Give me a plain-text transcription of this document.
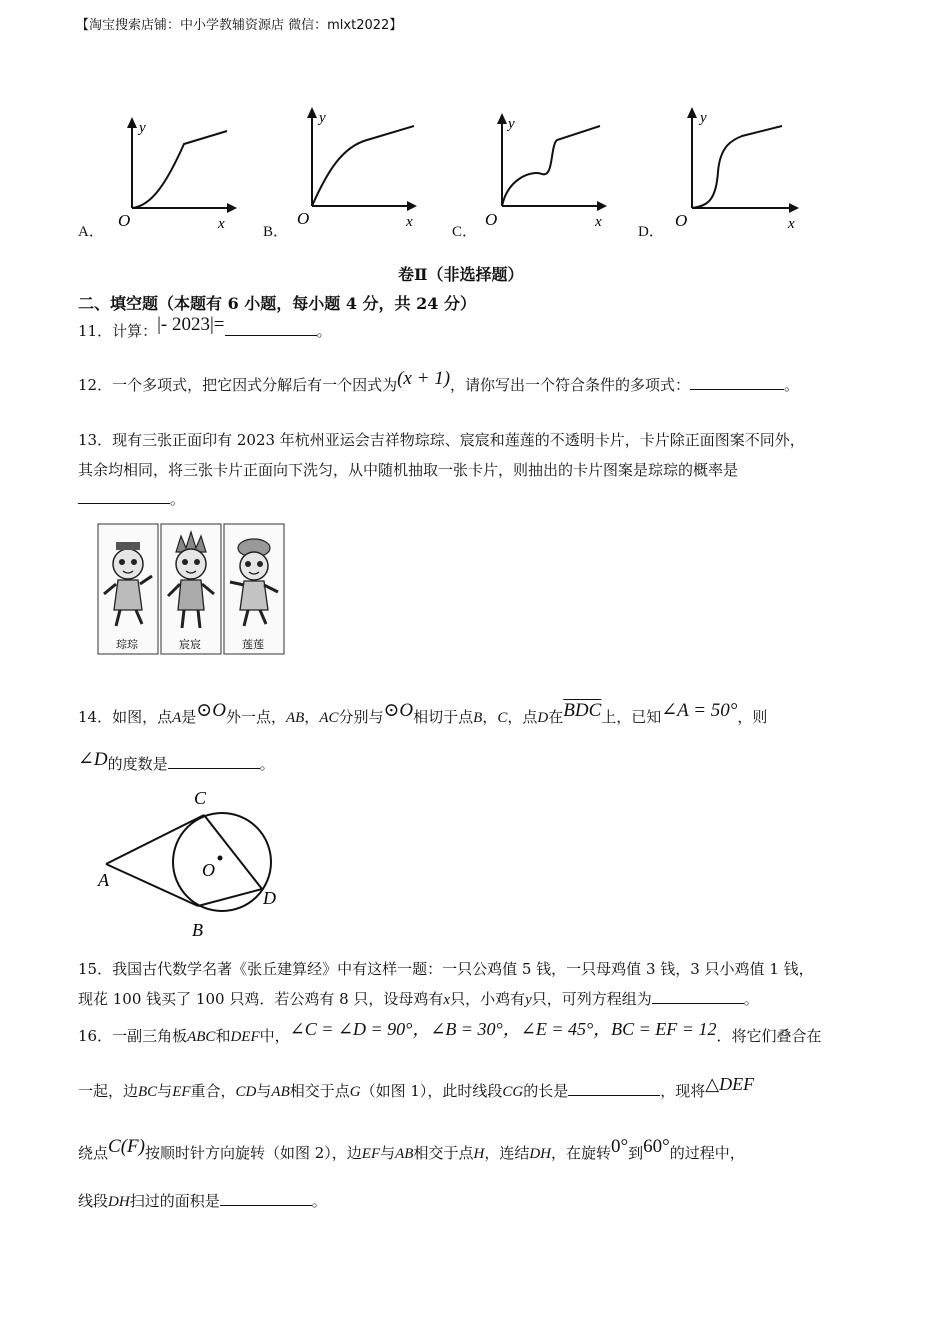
【淘宝搜索店铺：中小学教辅资源店 微信：mlxt2022】
A．
y
O	x	B．
y
O	x
C．
y
O	x
D．
y
O	x
卷Ⅱ（非选择题）
二、填空题（本题有 6 小题，每小题 4 分，共 24 分）
11．计算：|- 2023|=	。
12．一个多项式，把它因式分解后有一个因式为(x + 1)，请你写出一个符合条件的多项式：	。
13．现有三张正面印有 2023 年杭州亚运会吉祥物琮琮、宸宸和莲莲的不透明卡片，卡片除正面图案不同外，
其余均相同，将三张卡片正面向下洗匀，从中随机抽取一张卡片，则抽出的卡片图案是琮琮的概率是
。
琮琮	宸宸	莲莲
14．如图，点A是⊙O外一点，AB，AC分别与⊙O相切于点B，C，点D在$\overline{BDC}$上，已知∠A = 50°，则
∠D的度数是	。
C
O
A
D
B
15．我国古代数学名著《张丘建算经》中有这样一题：一只公鸡值 5 钱，一只母鸡值 3 钱，3 只小鸡值 1 钱，
现花 100 钱买了 100 只鸡．若公鸡有 8 只，设母鸡有x只，小鸡有y只，可列方程组为	。
16．一副三角板ABC和DEF中，∠C = ∠D = 90°，∠B = 30°，∠E = 45°，BC = EF = 12．将它们叠合在
一起，边BC与EF重合，CD与AB相交于点G（如图 1），此时线段CG的长是	，现将△DEF
绕点C(F)按顺时针方向旋转（如图 2），边EF与AB相交于点H，连结DH，在旋转0°到60°的过程中，
线段DH扫过的面积是	。
